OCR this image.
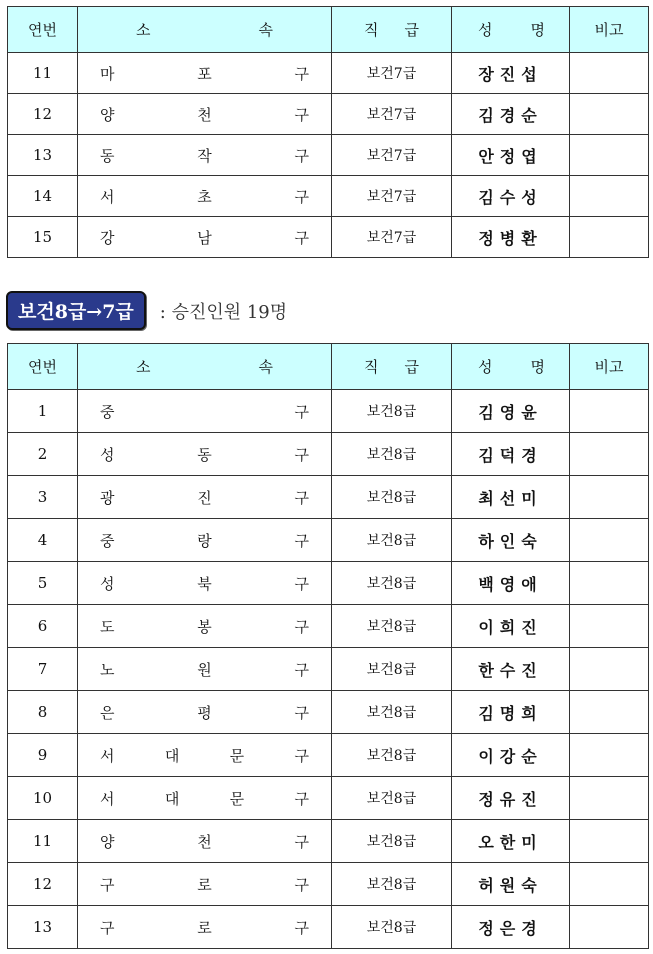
연번	소 속	직 급	성 명	비고
11	마 포 구	보건7급	장진섭	
12	양 천 구	보건7급	김경순	
13	동 작 구	보건7급	안정엽	
14	서 초 구	보건7급	김수성	
15	강 남 구	보건7급	정병환	
보건8급→7급	: 승진인원 19명
연번	소 속	직 급	성 명	비고
1	중 구	보건8급	김영윤	
2	성 동 구	보건8급	김덕경	
3	광 진 구	보건8급	최선미	
4	중 랑 구	보건8급	하인숙	
5	성 북 구	보건8급	백영애	
6	도 봉 구	보건8급	이희진	
7	노 원 구	보건8급	한수진	
8	은 평 구	보건8급	김명희	
9	서 대 문 구	보건8급	이강순	
10	서 대 문 구	보건8급	정유진	
11	양 천 구	보건8급	오한미	
12	구 로 구	보건8급	허원숙	
13	구 로 구	보건8급	정은경	
